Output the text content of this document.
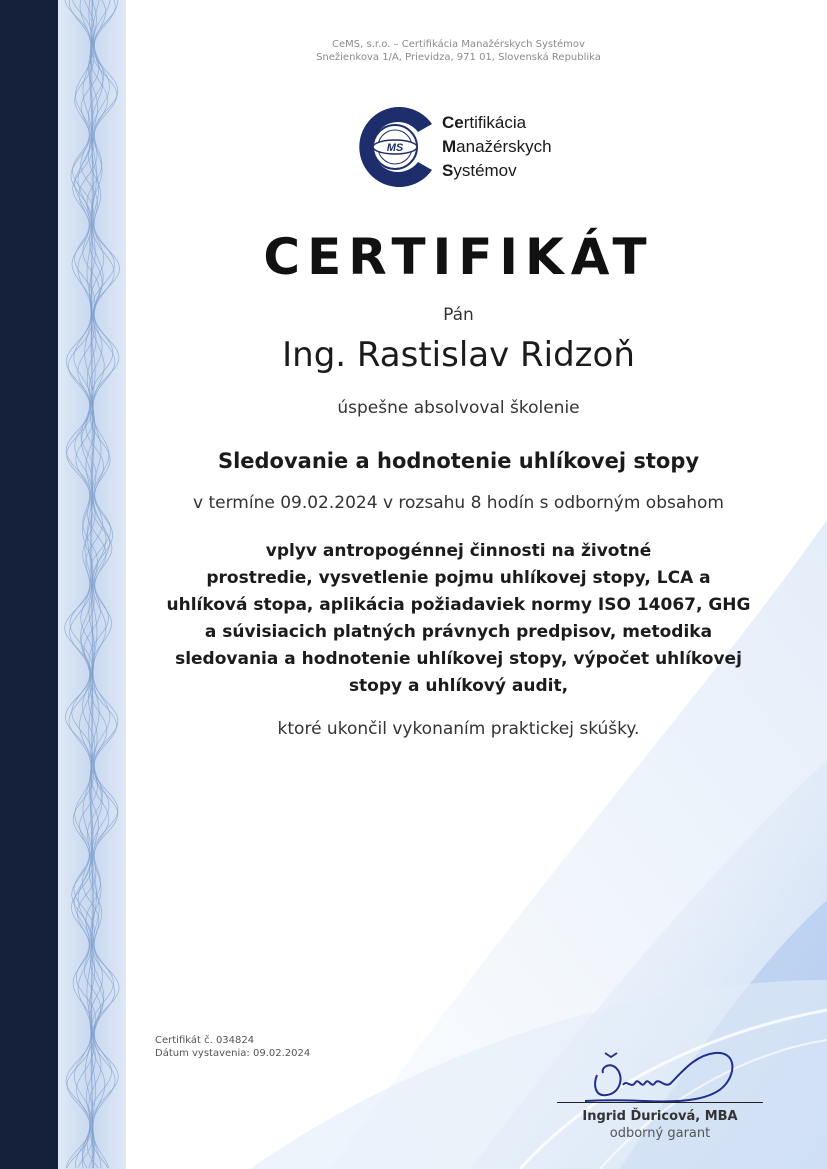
CeMS, s.r.o. – Certifikácia Manažérskych Systémov
Snežienkova 1/A, Prievidza, 971 01, Slovenská Republika
MS
Certifikácia
Manažérskych
Systémov
CERTIFIKÁT
Pán
Ing. Rastislav Ridzoň
úspešne absolvoval školenie
Sledovanie a hodnotenie uhlíkovej stopy
v termíne 09.02.2024 v rozsahu 8 hodín s odborným obsahom
vplyv antropogénnej činnosti na životné
prostredie, vysvetlenie pojmu uhlíkovej stopy, LCA a
uhlíková stopa, aplikácia požiadaviek normy ISO 14067, GHG
a súvisiacich platných právnych predpisov, metodika
sledovania a hodnotenie uhlíkovej stopy, výpočet uhlíkovej
stopy a uhlíkový audit,
ktoré ukončil vykonaním praktickej skúšky.
Certifikát č. 034824
Dátum vystavenia: 09.02.2024
Ingrid Ďuricová, MBA
odborný garant
